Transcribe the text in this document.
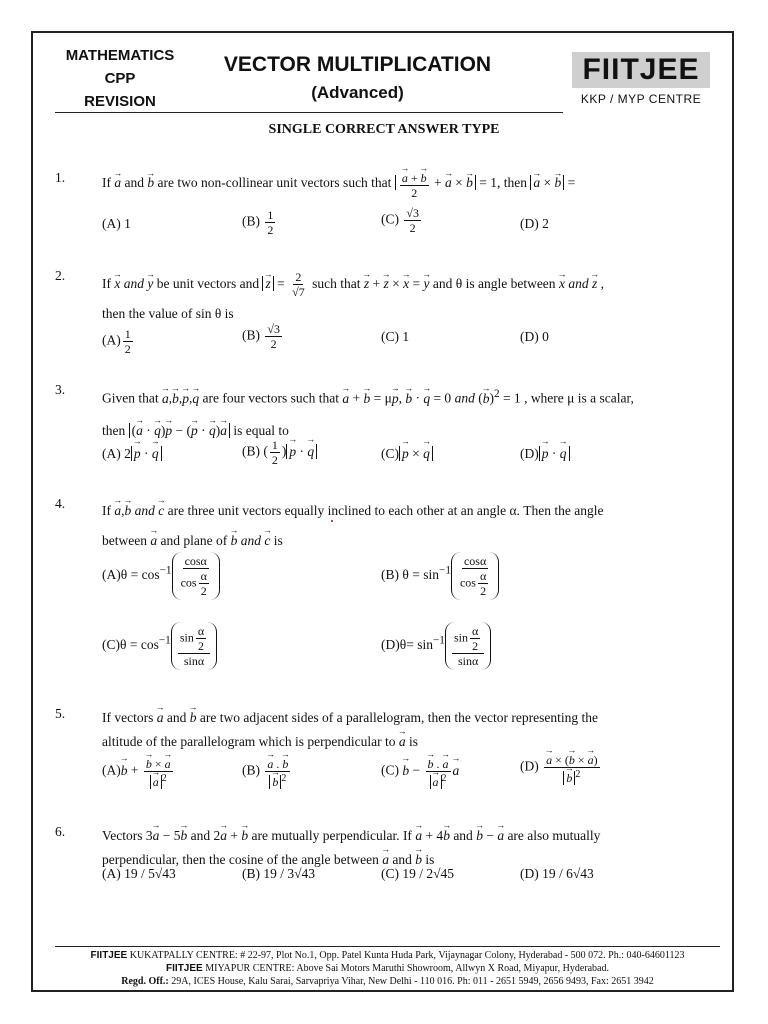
MATHEMATICS
CPP
REVISION
VECTOR MULTIPLICATION
(Advanced)
FIITJEE
KKP / MYP CENTRE
SINGLE CORRECT ANSWER TYPE
1.	If → a and → b are two non-collinear unit vectors such that → $\frac{a + \to b}{2}$ + → a × → b = 1, then → a × → b =
(A) 1	$(B) \frac{1}{2}$	$(C) \frac{√3}{2}$	(D) 2
2.
If → x and → y be unit vectors and → $z = \frac{2}{√7}$ such that → z + → z × → x = → y and θ is angle between → x and → z ,
then the value of sin θ is
$(A) \frac{1}{2}$	$(B) \frac{√3}{2}$	(C) 1	(D) 0
3.
Given that → a,→ b,→ p,→ q are four vectors such that → a + → b = μ→ p, → b · → q = 0 and (→ b)$^2$ = 1 , where μ is a scalar,
then (→ a · → q)→ p − (→ p · → q)→ a is equal to
(A) 2 → p · → q	(B) ( $\frac{1}{2}$ ) → p · → q	(C) → p × → q	(D) → p · → q
4.	If → a,→ b and → c are three unit vectors equally inclined to each other at an angle α. Then the angle
between → a and plane of → b and → c is
$(A)\theta = \cos^{-1} \frac{\cos\alpha}{\cos \frac{\alpha}{2}}$	(B) $\theta = \sin^{-1} \frac{\cos\alpha}{\cos \frac{\alpha}{2}}$
$(C)\theta = \cos^{-1} \frac{\sin \frac{\alpha}{2}}{\sin\alpha}$	$(D)\theta= \sin^{-1} \frac{\sin \frac{\alpha}{2}}{\sin\alpha}$
5.	If vectors → a and → b are two adjacent sides of a parallelogram, then the vector representing the
altitude of the parallelogram which is perpendicular to → a is
(A)→ b + → b × → a
→ a $^2$	(B) → a . → b
→ b $^2$	(C) → b − → b . → a
→ a $^2$ → a	(D) → a × (→ b × → a)
→ b $^2$
6.	Vectors 3→ a − 5→ b and 2→ a + → b are mutually perpendicular. If → a + 4→ b and → b − → a are also mutually
perpendicular, then the cosine of the angle between → a and → b is
(A) 19 / 5√43	(B) 19 / 3√43	(C) 19 / 2√45	(D) 19 / 6√43
FIITJEE KUKATPALLY CENTRE: # 22-97, Plot No.1, Opp. Patel Kunta Huda Park, Vijaynagar Colony, Hyderabad - 500 072. Ph.: 040-64601123
FIITJEE MIYAPUR CENTRE: Above Sai Motors Maruthi Showroom, Allwyn X Road, Miyapur, Hyderabad.
Regd. Off.: 29A, ICES House, Kalu Sarai, Sarvapriya Vihar, New Delhi - 110 016. Ph: 011 - 2651 5949, 2656 9493, Fax: 2651 3942
